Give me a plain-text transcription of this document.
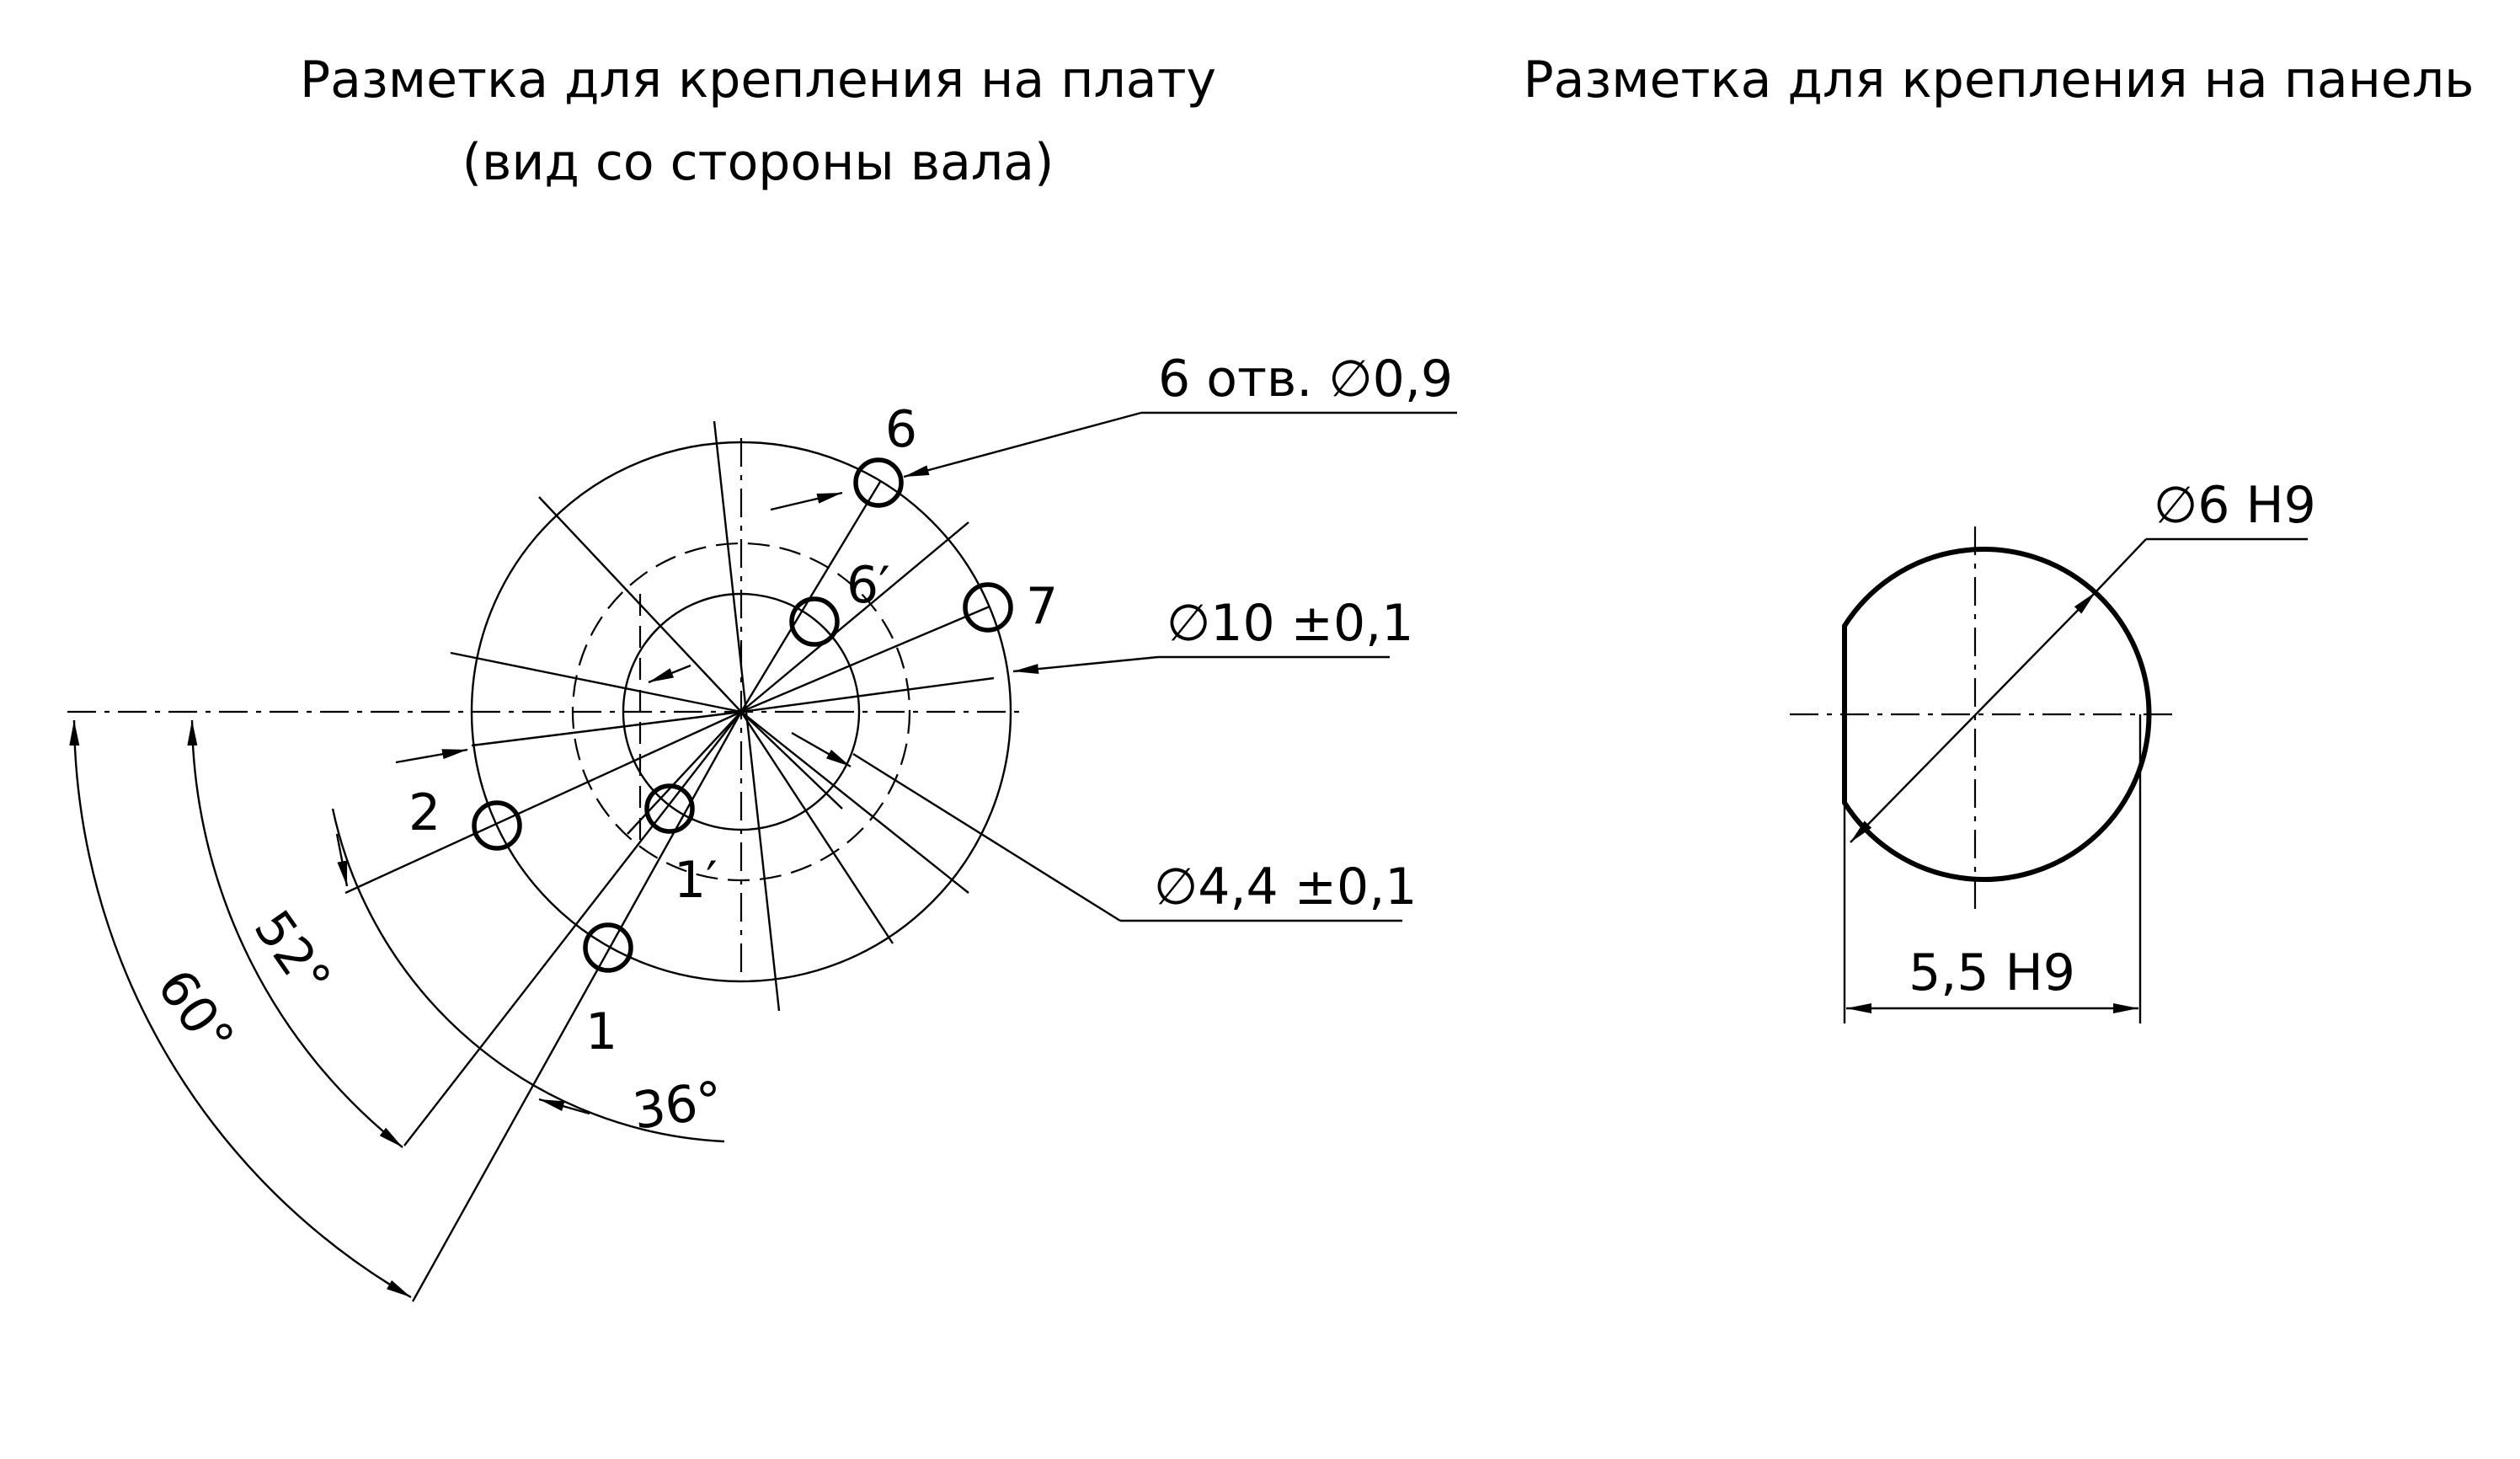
Разметка для крепления на плату
(вид со стороны вала)
6
7
6′
2
1′
1
6 отв. ∅0,9
∅10 ±0,1
∅4,4 ±0,1
60°
52°
36°
Разметка для крепления на панель
∅6 H9
5,5 H9
